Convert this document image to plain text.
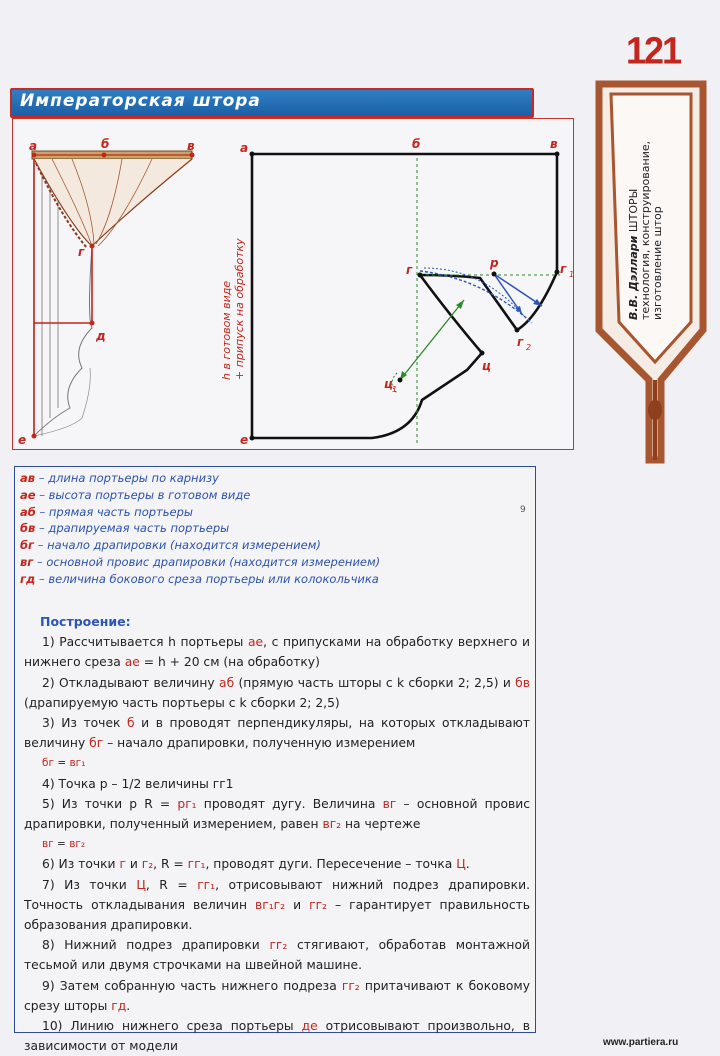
121
Императорская штора
В.В. Дэллари ШТОРЫ технология, конструирование, изготовление штор
а	б	в
г
д
е
h в готовом виде + припуск на обработку
а	б	в
г	р	г 1
г 2
ц
ц 1
е
ав – длина портьеры по карнизу
ае – высота портьеры в готовом виде
аб – прямая часть портьеры
бв – драпируемая часть портьеры
бг – начало драпировки (находится измерением)
вг – основной провис драпировки (находится измерением)
гд – величина бокового среза портьеры или колокольчика
9
Построение:
1) Рассчитывается h портьеры ае, с припусками на обработку верхнего и нижнего среза ае = h + 20 см (на обработку)
2) Откладывают величину аб (прямую часть шторы с k сборки 2; 2,5) и бв (драпируемую часть портьеры с k сборки 2; 2,5)
3) Из точек б и в проводят перпендикуляры, на которых откладывают величину бг – начало драпировки, полученную измерением
бг = вг₁
4) Точка р – 1/2 величины гг1
5) Из точки р R = рг₁ проводят дугу. Величина вг – основной провис драпировки, полученный измерением, равен вг₂ на чертеже
вг = вг₂
6) Из точки г и г₂, R = гг₁, проводят дуги. Пересечение – точка Ц.
7) Из точки Ц, R = гг₁, отрисовывают нижний подрез драпировки. Точность откладывания величин вг₁г₂ и гг₂ – гарантирует правильность образования драпировки.
8) Нижний подрез драпировки гг₂ стягивают, обработав монтажной тесьмой или двумя строчками на швейной машине.
9) Затем собранную часть нижнего подреза гг₂ притачивают к боковому срезу шторы гд.
10) Линию нижнего среза портьеры де отрисовывают произвольно, в зависимости от модели	www.partiera.ru
